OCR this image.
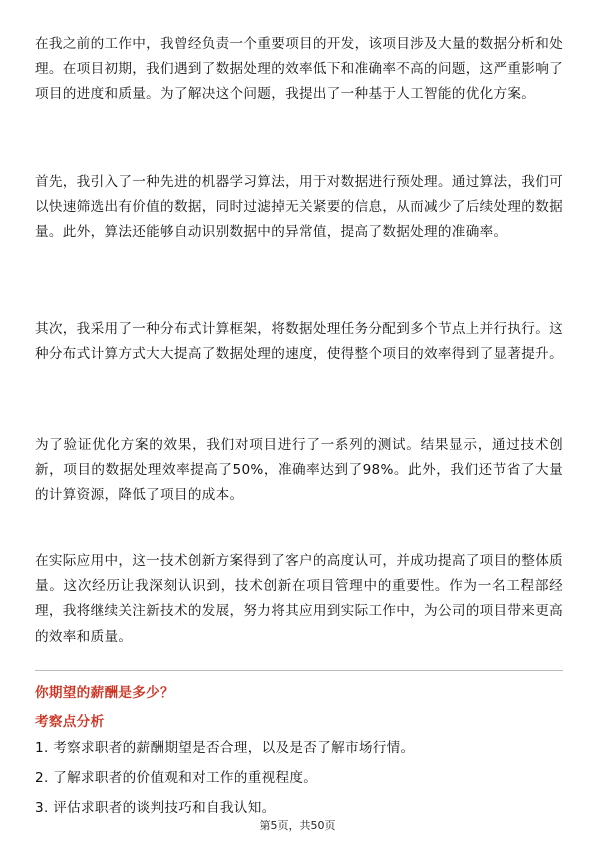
在我之前的工作中，我曾经负责一个重要项目的开发，该项目涉及大量的数据分析和处理。在项目初期，我们遇到了数据处理的效率低下和准确率不高的问题，这严重影响了项目的进度和质量。为了解决这个问题，我提出了一种基于人工智能的优化方案。

首先，我引入了一种先进的机器学习算法，用于对数据进行预处理。通过算法，我们可以快速筛选出有价值的数据，同时过滤掉无关紧要的信息，从而减少了后续处理的数据量。此外，算法还能够自动识别数据中的异常值，提高了数据处理的准确率。

其次，我采用了一种分布式计算框架，将数据处理任务分配到多个节点上并行执行。这种分布式计算方式大大提高了数据处理的速度，使得整个项目的效率得到了显著提升。

为了验证优化方案的效果，我们对项目进行了一系列的测试。结果显示，通过技术创新，项目的数据处理效率提高了50%，准确率达到了98%。此外，我们还节省了大量的计算资源，降低了项目的成本。

在实际应用中，这一技术创新方案得到了客户的高度认可，并成功提高了项目的整体质量。这次经历让我深刻认识到，技术创新在项目管理中的重要性。作为一名工程部经理，我将继续关注新技术的发展，努力将其应用到实际工作中，为公司的项目带来更高的效率和质量。

你期望的薪酬是多少？

考察点分析

1. 考察求职者的薪酬期望是否合理，以及是否了解市场行情。
2. 了解求职者的价值观和对工作的重视程度。
3. 评估求职者的谈判技巧和自我认知。

第5页，共50页
